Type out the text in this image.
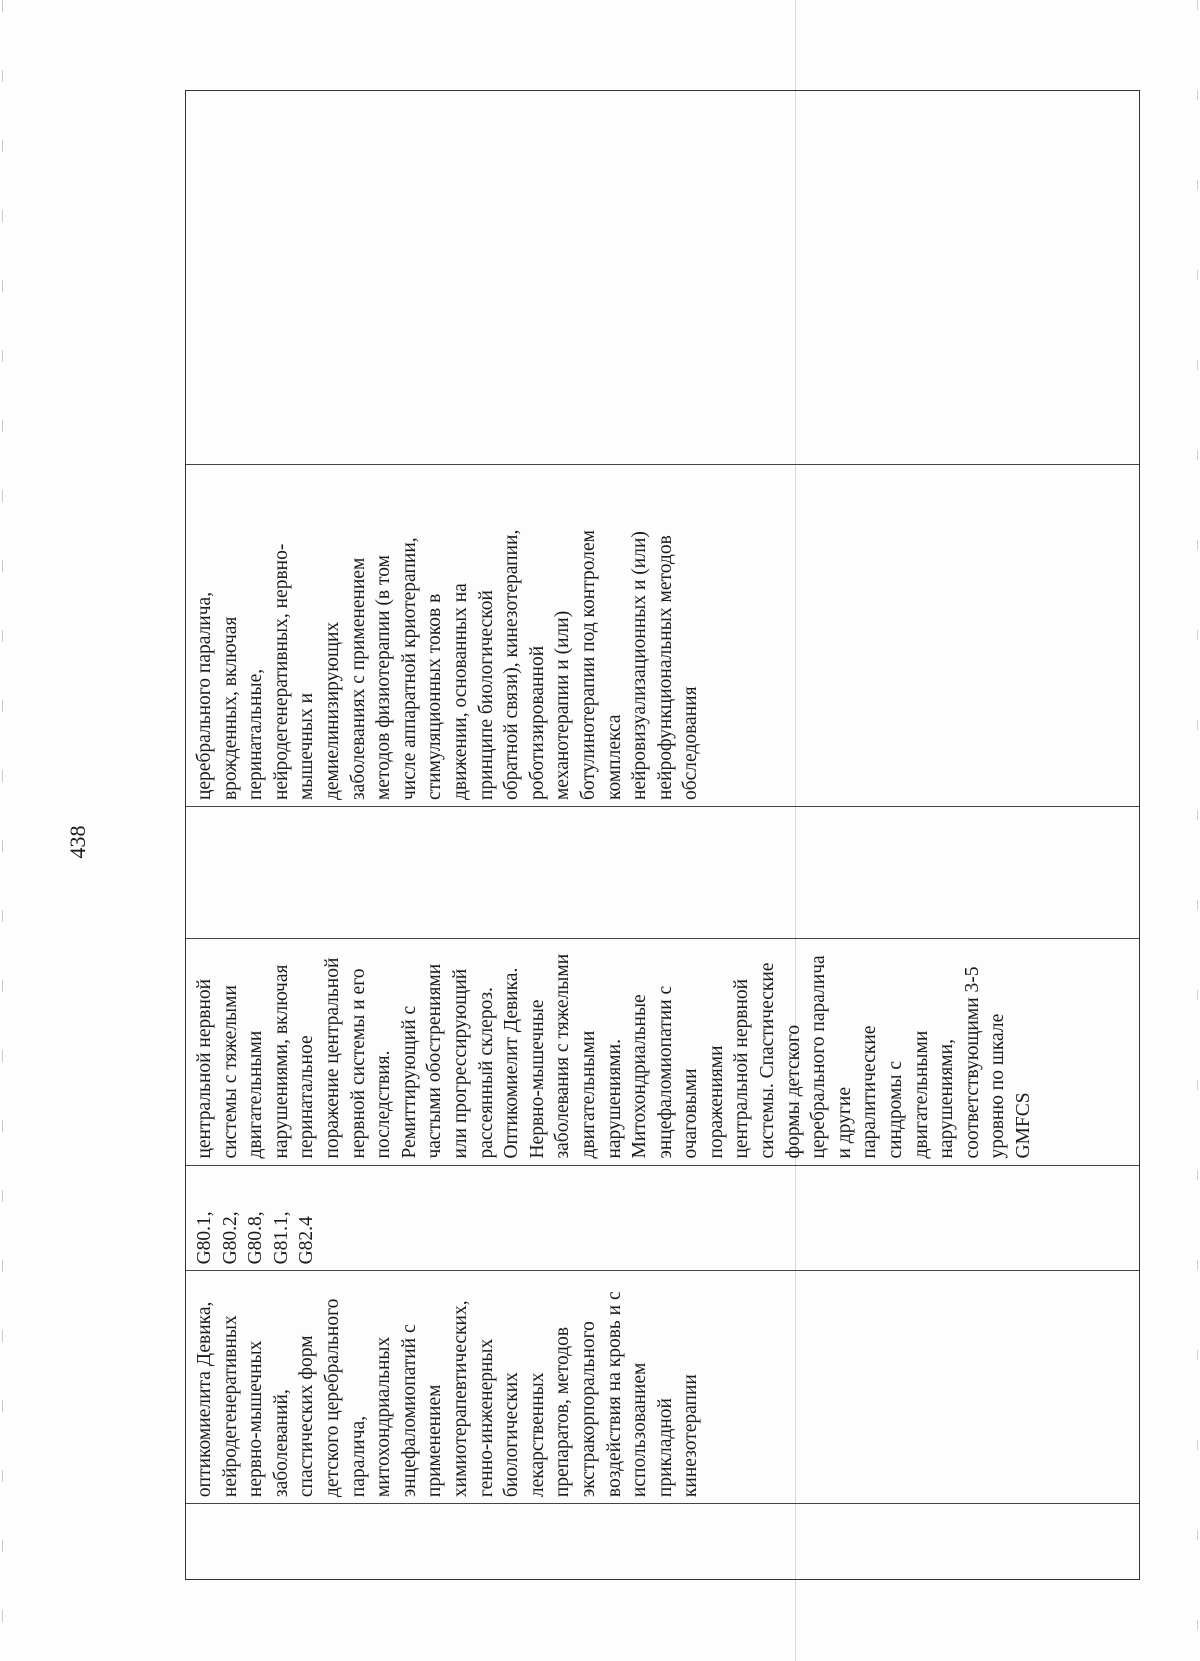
438
оптикомиелита Девика,
нейродегенеративных
нервно-мышечных
заболеваний,
спастических форм
детского церебрального
паралича,
митохондриальных
энцефаломиопатий с
применением
химиотерапевтических,
генно-инженерных
биологических
лекарственных
препаратов, методов
экстракорпорального
воздействия на кровь и с
использованием
прикладной
кинезотерапии
G80.1, G80.2,
G80.8, G81.1,
G82.4
центральной нервной
системы с тяжелыми
двигательными
нарушениями, включая
перинатальное
поражение центральной
нервной системы и его
последствия.
Ремиттирующий с
частыми обострениями
или прогрессирующий
рассеянный склероз.
Оптикомиелит Девика.
Нервно-мышечные
заболевания с тяжелыми
двигательными
нарушениями.
Митохондриальные
энцефаломиопатии с
очаговыми
поражениями
центральной нервной
системы. Спастические
формы детского
церебрального паралича
и другие
паралитические
синдромы с
двигательными
нарушениями,
соответствующими 3-5
уровню по шкале
GMFCS
церебрального паралича,
врожденных, включая
перинатальные,
нейродегенеративных, нервно-
мышечных и
демиелинизирующих
заболеваниях с применением
методов физиотерапии (в том
числе аппаратной криотерапии,
стимуляционных токов в
движении, основанных на
принципе биологической
обратной связи), кинезотерапии,
роботизированной
механотерапии и (или)
ботулинотерапии под контролем
комплекса
нейровизуализационных и (или)
нейрофункциональных методов
обследования
